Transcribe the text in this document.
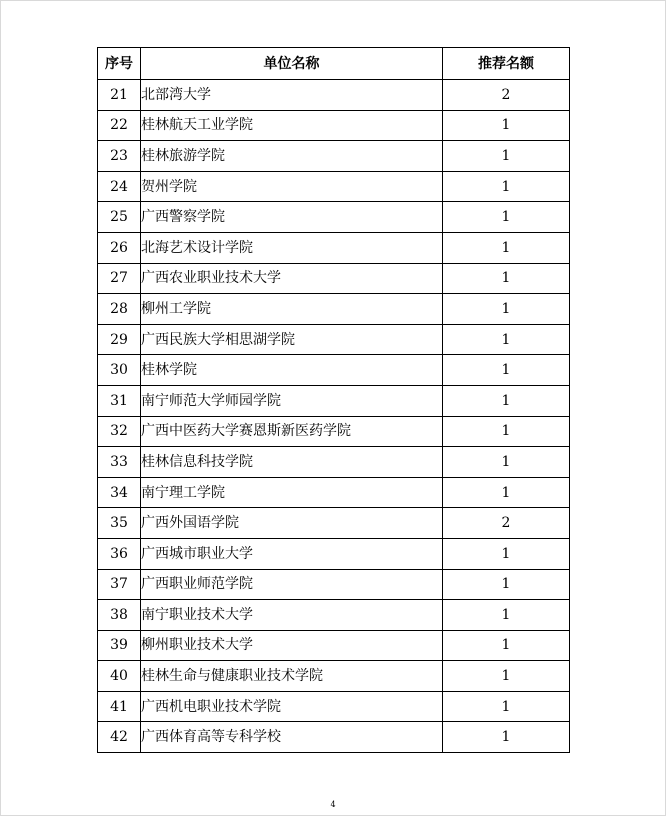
序号	单位名称	推荐名额
21	北部湾大学	2
22	桂林航天工业学院	1
23	桂林旅游学院	1
24	贺州学院	1
25	广西警察学院	1
26	北海艺术设计学院	1
27	广西农业职业技术大学	1
28	柳州工学院	1
29	广西民族大学相思湖学院	1
30	桂林学院	1
31	南宁师范大学师园学院	1
32	广西中医药大学赛恩斯新医药学院	1
33	桂林信息科技学院	1
34	南宁理工学院	1
35	广西外国语学院	2
36	广西城市职业大学	1
37	广西职业师范学院	1
38	南宁职业技术大学	1
39	柳州职业技术大学	1
40	桂林生命与健康职业技术学院	1
41	广西机电职业技术学院	1
42	广西体育高等专科学校	1
4
